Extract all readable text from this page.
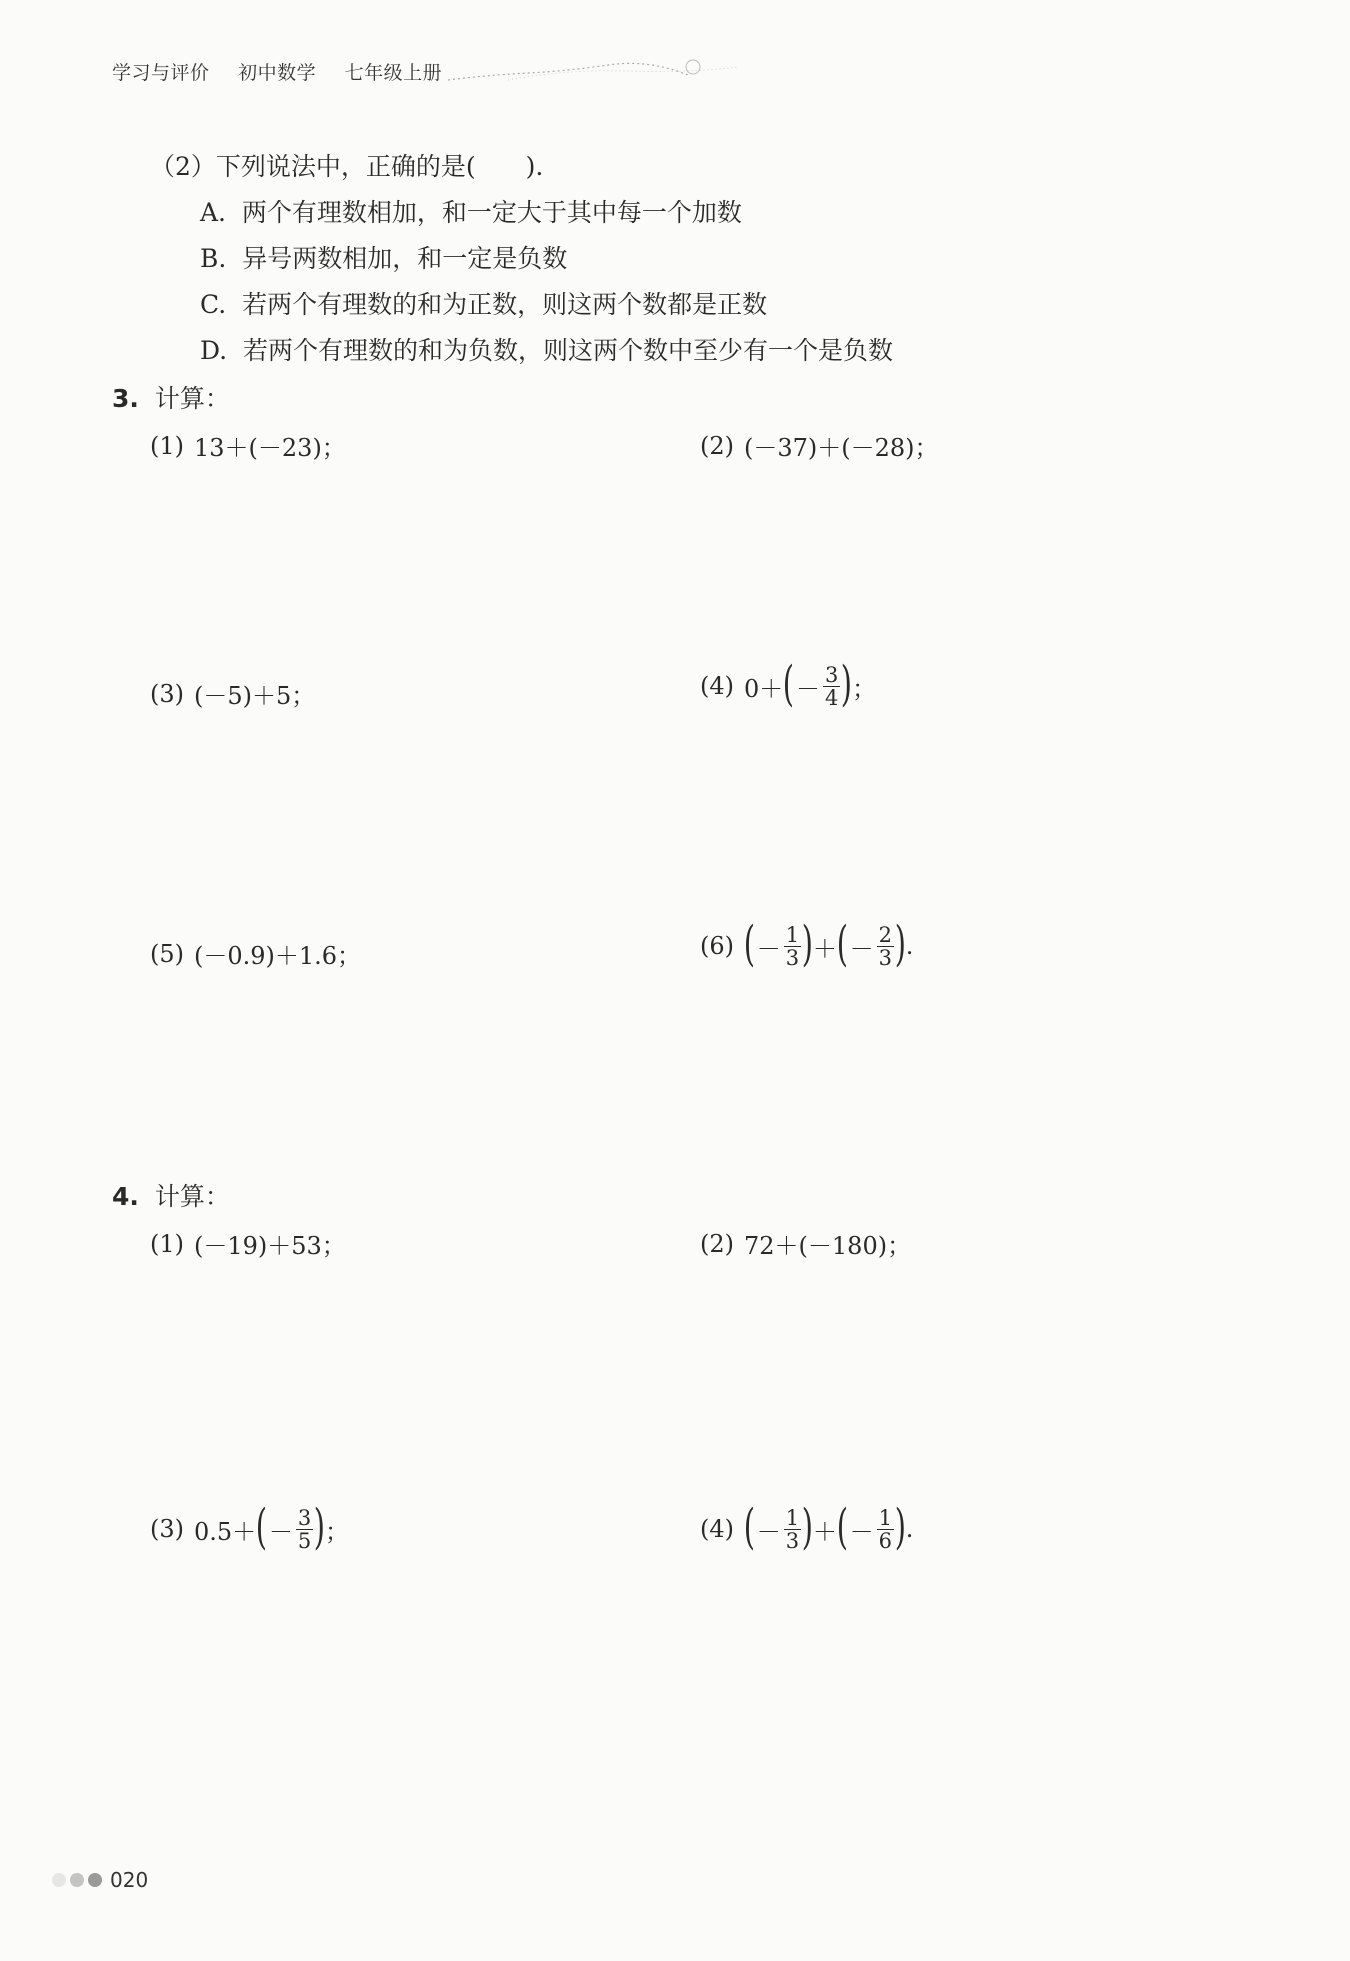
学习与评价 初中数学 七年级上册
（2）下列说法中，正确的是(　　).
A. 两个有理数相加，和一定大于其中每一个加数
B. 异号两数相加，和一定是负数
C. 若两个有理数的和为正数，则这两个数都是正数
D. 若两个有理数的和为负数，则这两个数中至少有一个是负数
3. 计算：
(1) 13＋(－23)；	(2) (－37)＋(－28)；
(3) (－5)＋5；	(4) 0＋ ( － $\frac{3}{4}$ ) ；
(5) (－0.9)＋1.6；	(6) ( － $\frac{1}{3}$ ) ＋ ( － $\frac{2}{3}$ ) .
4. 计算：
(1) (－19)＋53；	(2) 72＋(－180)；
(3) 0.5＋ ( － $\frac{3}{5}$ ) ；	(4) ( － $\frac{1}{3}$ ) ＋ ( － $\frac{1}{6}$ ) .
020
